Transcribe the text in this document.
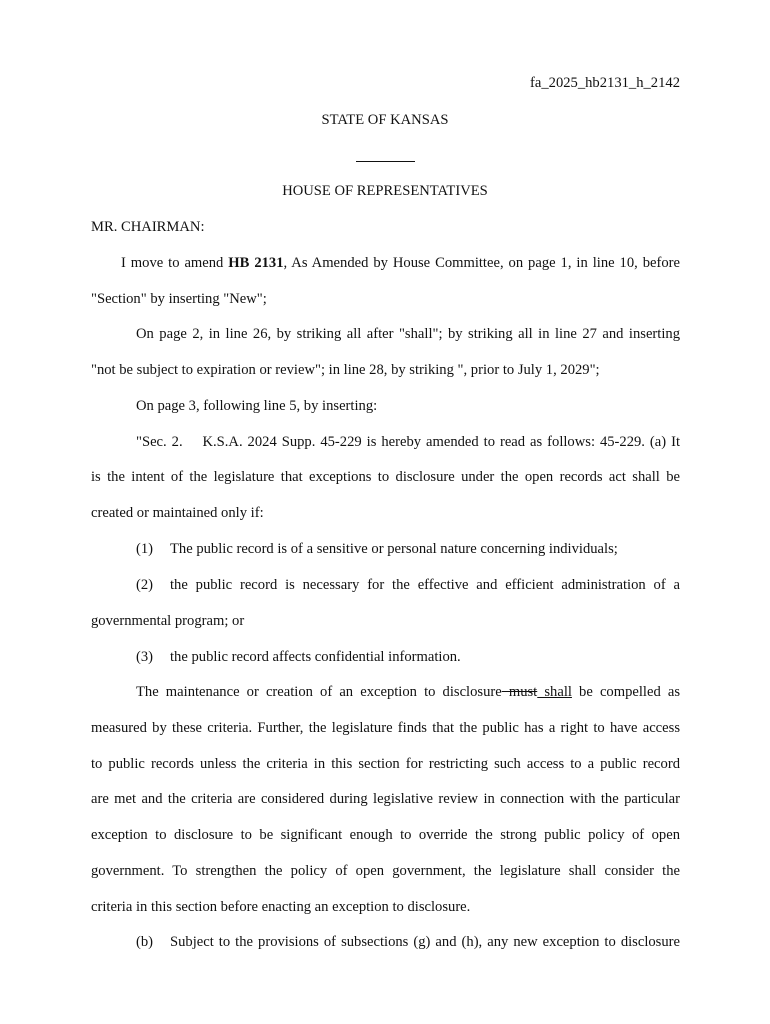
fa_2025_hb2131_h_2142
STATE OF KANSAS
HOUSE OF REPRESENTATIVES
MR. CHAIRMAN:
I move to amend HB 2131, As Amended by House Committee, on page 1, in line 10, before
"Section" by inserting "New";
On page 2, in line 26, by striking all after "shall"; by striking all in line 27 and inserting
"not be subject to expiration or review"; in line 28, by striking ", prior to July 1, 2029";
On page 3, following line 5, by inserting:
"Sec. 2.    K.S.A. 2024 Supp. 45-229 is hereby amended to read as follows: 45-229. (a) It
is the intent of the legislature that exceptions to disclosure under the open records act shall be
created or maintained only if:
(1) The public record is of a sensitive or personal nature concerning individuals;
(2) the public record is necessary for the effective and efficient administration of a
governmental program; or
(3) the public record affects confidential information.
The maintenance or creation of an exception to disclosure must shall be compelled as
measured by these criteria. Further, the legislature finds that the public has a right to have access
to public records unless the criteria in this section for restricting such access to a public record
are met and the criteria are considered during legislative review in connection with the particular
exception to disclosure to be significant enough to override the strong public policy of open
government. To strengthen the policy of open government, the legislature shall consider the
criteria in this section before enacting an exception to disclosure.
(b) Subject to the provisions of subsections (g) and (h), any new exception to disclosure
